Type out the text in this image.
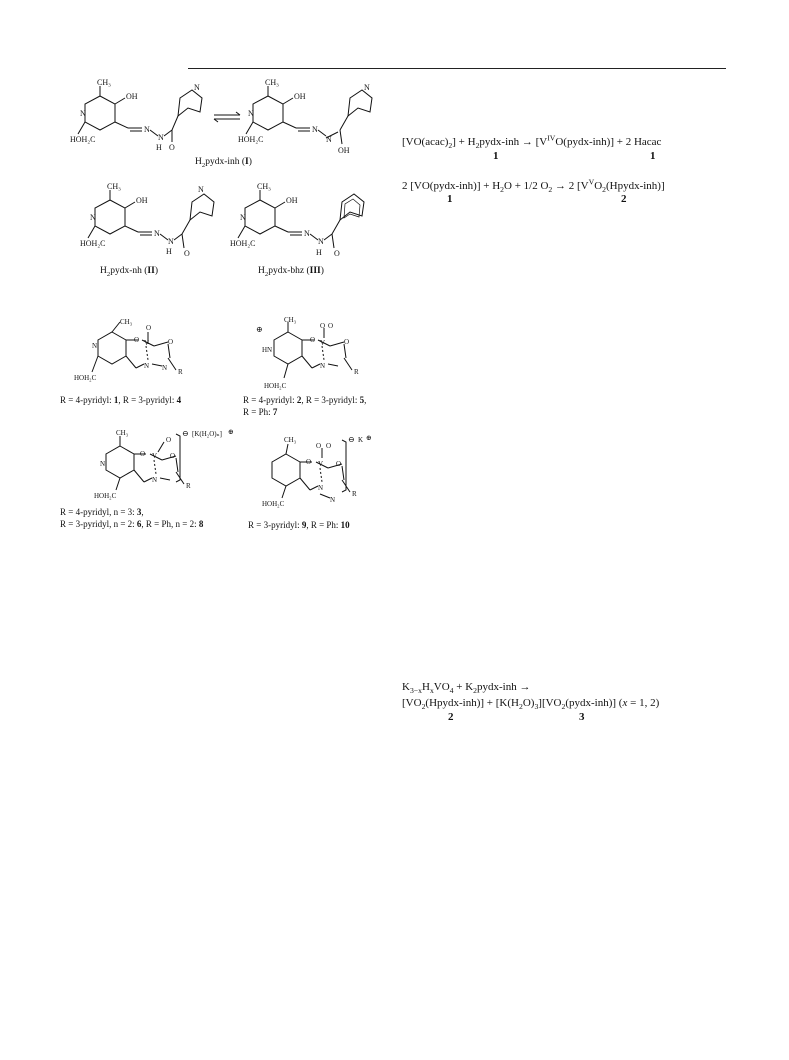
CH₃
OH
N
N
N
H O
N
HOH₂C
CH₃
OH
N
N
N
OH
N
HOH₂C
$H_2pydx$-inh (I)
CH₃
OH
N
N
N
H O
N
HOH₂C
$H_2pydx-nh$ (II)
CH₃
OH
N
N
N
H O
HOH₂C
$H_2pydx$-bhz (III)
CH₃
N
O V
O
O
N N R
HOH₂C
R = 4-pyridyl: 1, R = 3-pyridyl: 4
⊕
CH₃
HN
O V
O O
O
N
R
HOH₂C
R = 4-pyridyl: 2, R = 3-pyridyl: 5,
R = Ph: 7
CH₃
N
O V
O
O
⊖ [K(H₂O)ₙ] ⊕
N
R
HOH₂C
R = 4-pyridyl, n = 3: 3,
R = 3-pyridyl, n = 2: 6, R = Ph, n = 2: 8
CH₃
O V
O O
O
⊖ K ⊕
N
N
R
HOH₂C
R = 3-pyridyl: 9, R = Ph: 10
$[VO(acac)_2]$ + $H_2pydx$-inh → $[V^{IV}O(pydx-inh)] + 2$ Hacac
1	1
2 [VO(pydx-inh)] + $H_2O + 1/2$ $O_2 \to 2$ $[V^VO_2(Hpydx-inh)]$
1	2
$K_{3-x}H_xVO_4$ + $K_2pydx$-inh →
$[VO_2(Hpydx-inh)]$ + $[K(H_2O)_3][VO_2(pydx-inh)] (x = 1$, 2)
2	3
